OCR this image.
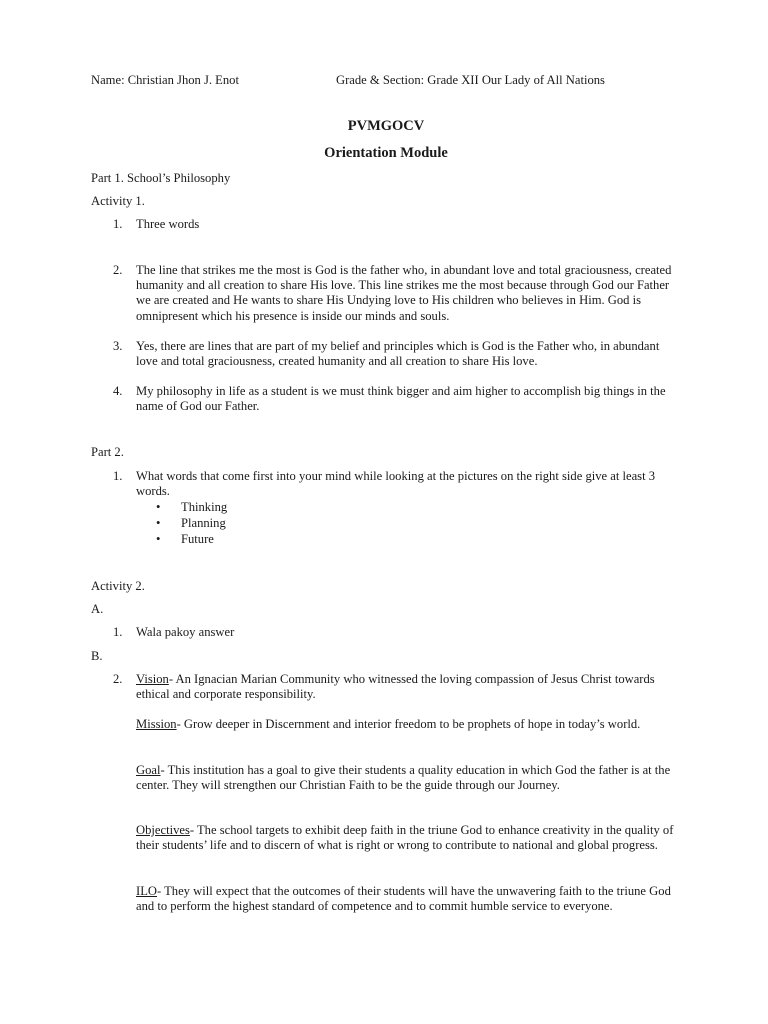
Name: Christian Jhon J. Enot	Grade & Section: Grade XII Our Lady of All Nations
PVMGOCV
Orientation Module
Part 1. School’s Philosophy
Activity 1.
1. Three words
2. The line that strikes me the most is God is the father who, in abundant love and total graciousness, created humanity and all creation to share His love. This line strikes me the most because through God our Father we are created and He wants to share His Undying love to His children who believes in Him. God is omnipresent which his presence is inside our minds and souls.
3. Yes, there are lines that are part of my belief and principles which is God is the Father who, in abundant love and total graciousness, created humanity and all creation to share His love.
4. My philosophy in life as a student is we must think bigger and aim higher to accomplish big things in the name of God our Father.
Part 2.
1. What words that come first into your mind while looking at the pictures on the right side give at least 3 words.
• Thinking
• Planning
• Future
Activity 2.
A.
1. Wala pakoy answer
B.
2. Vision- An Ignacian Marian Community who witnessed the loving compassion of Jesus Christ towards ethical and corporate responsibility.
Mission- Grow deeper in Discernment and interior freedom to be prophets of hope in today’s world.
Goal- This institution has a goal to give their students a quality education in which God the father is at the center. They will strengthen our Christian Faith to be the guide through our Journey.
Objectives- The school targets to exhibit deep faith in the triune God to enhance creativity in the quality of their students’ life and to discern of what is right or wrong to contribute to national and global progress.
ILO- They will expect that the outcomes of their students will have the unwavering faith to the triune God and to perform the highest standard of competence and to commit humble service to everyone.
